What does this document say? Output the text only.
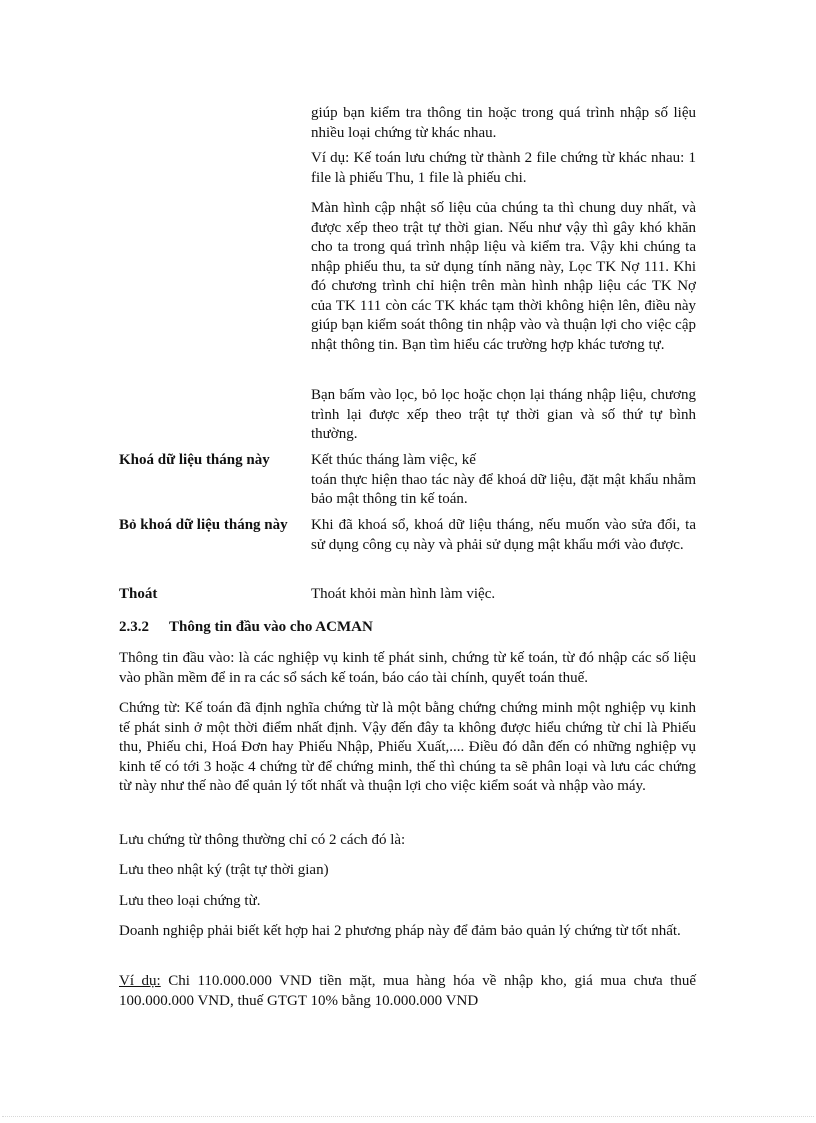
giúp bạn kiểm tra thông tin hoặc trong quá trình nhập số liệu nhiều loại chứng từ khác nhau.

Ví dụ: Kế toán lưu chứng từ thành 2 file chứng từ khác nhau: 1 file là phiếu Thu, 1 file là phiếu chi.

Màn hình cập nhật số liệu của chúng ta thì chung duy nhất, và được xếp theo trật tự thời gian. Nếu như vậy thì gây khó khăn cho ta trong quá trình nhập liệu và kiểm tra. Vậy khi chúng ta nhập phiếu thu, ta sử dụng tính năng này, Lọc TK Nợ 111. Khi đó chương trình chỉ hiện trên màn hình nhập liệu các TK Nợ của TK 111 còn các TK khác tạm thời không hiện lên, điều này giúp bạn kiểm soát thông tin nhập vào và thuận lợi cho việc cập nhật thông tin. Bạn tìm hiểu các trường hợp khác tương tự.

Bạn bấm vào lọc, bỏ lọc hoặc chọn lại tháng nhập liệu, chương trình lại được xếp theo trật tự thời gian và số thứ tự bình thường.

Khoá dữ liệu tháng này	Kết thúc tháng làm việc, kế
toán thực hiện thao tác này để khoá dữ liệu, đặt mật khẩu nhằm bảo mật thông tin kế toán.
Bỏ khoá dữ liệu tháng này Khi đã khoá sổ, khoá dữ liệu tháng, nếu muốn vào sửa đổi, ta sử dụng công cụ này và phải sử dụng mật khẩu mới vào được.

Thoát	Thoát khỏi màn hình làm việc.

2.3.2 Thông tin đầu vào cho ACMAN

Thông tin đầu vào: là các nghiệp vụ kinh tế phát sinh, chứng từ kế toán, từ đó nhập các số liệu vào phần mềm để in ra các sổ sách kế toán, báo cáo tài chính, quyết toán thuế.

Chứng từ: Kế toán đã định nghĩa chứng từ là một bằng chứng chứng minh một nghiệp vụ kinh tế phát sinh ở một thời điểm nhất định. Vậy đến đây ta không được hiểu chứng từ chỉ là Phiếu thu, Phiếu chi, Hoá Đơn hay Phiếu Nhập, Phiếu Xuất,.... Điều đó dẫn đến có những nghiệp vụ kinh tế có tới 3 hoặc 4 chứng từ để chứng minh, thế thì chúng ta sẽ phân loại và lưu các chứng từ này như thế nào để quản lý tốt nhất và thuận lợi cho việc kiểm soát và nhập vào máy.

Lưu chứng từ thông thường chỉ có 2 cách đó là:

Lưu theo nhật ký (trật tự thời gian)

Lưu theo loại chứng từ.

Doanh nghiệp phải biết kết hợp hai 2 phương pháp này để đảm bảo quản lý chứng từ tốt nhất.

Ví dụ: Chi 110.000.000 VND tiền mặt, mua hàng hóa về nhập kho, giá mua chưa thuế 100.000.000 VND, thuế GTGT 10% bằng 10.000.000 VND
